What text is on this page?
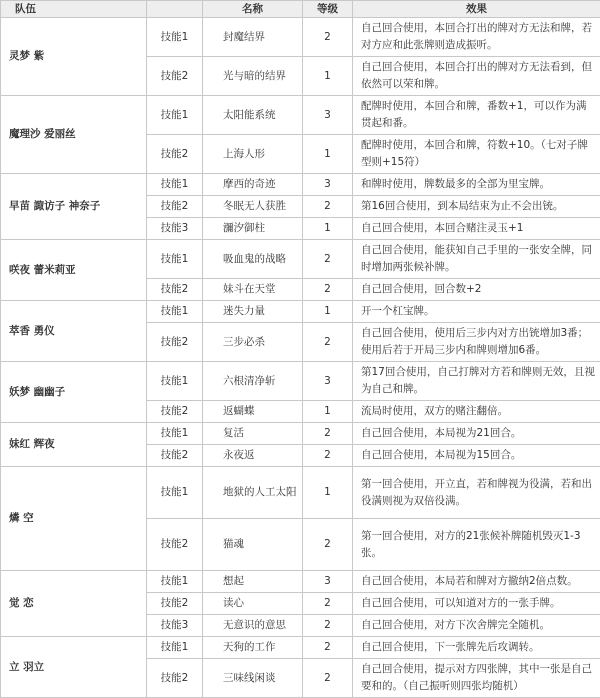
队伍		名称	等级	效果
灵梦 紫	技能1	封魔结界	2	自己回合使用，本回合打出的牌对方无法和牌，若对方应和此张牌则造成振听。
	技能2	光与暗的结界	1	自己回合使用，本回合打出的牌对方无法看到，但依然可以荣和牌。
魔理沙 爱丽丝	技能1	太阳能系统	3	配牌时使用，本回合和牌，番数+1，可以作为满贯起和番。
	技能2	上海人形	1	配牌时使用，本回合和牌，符数+10。（七对子牌型则+15符）
早苗 諏访子 神奈子	技能1	摩西的奇迹	3	和牌时使用，牌数最多的全部为里宝牌。
	技能2	冬眠无人获胜	2	第16回合使用，到本局结束为止不会出铳。
	技能3	瀰汐御柱	1	自己回合使用，本回合赌注灵玉+1
咲夜 蕾米莉亚	技能1	吸血鬼的战略	2	自己回合使用，能获知自己手里的一张安全牌，同时增加两张候补牌。
	技能2	妹斗在天堂	2	自己回合使用，回合数+2
萃香 勇仪	技能1	迷失力量	1	开一个杠宝牌。
	技能2	三步必杀	2	自己回合使用，使用后三步内对方出铳增加3番；使用后若于开局三步内和牌则增加6番。
妖梦 幽幽子	技能1	六根清净斩	3	第17回合使用，自己打牌对方若和牌则无效，且视为自己和牌。
	技能2	返蝴蝶	1	流局时使用，双方的赌注翻倍。
妹红 辉夜	技能1	复活	2	自己回合使用，本局视为21回合。
	技能2	永夜返	2	自己回合使用，本局视为15回合。
燐 空	技能1	地狱的人工太阳	1	第一回合使用，开立直，若和牌视为役满，若和出役满则视为双倍役满。
	技能2	猫魂	2	第一回合使用，对方的21张候补牌随机毁灭1-3张。
觉 恋	技能1	想起	3	自己回合使用，本局若和牌对方撤纳2倍点数。
	技能2	读心	2	自己回合使用，可以知道对方的一张手牌。
	技能3	无意识的意思	2	自己回合使用，对方下次舍牌完全随机。
立 羽立	技能1	天狗的工作	2	自己回合使用，下一张牌先后攻调转。
	技能2	三味线闲谈	2	自己回合使用，提示对方四张牌，其中一张是自己要和的。（自己振听则四张均随机）
